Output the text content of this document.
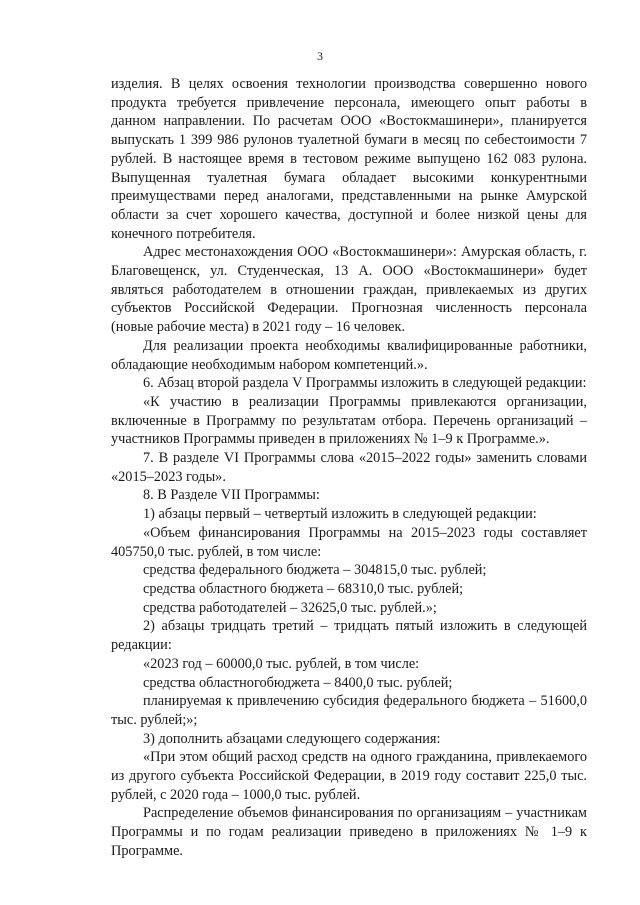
3

изделия. В целях освоения технологии производства совершенно нового продукта требуется привлечение персонала, имеющего опыт работы в данном направлении. По расчетам ООО «Востокмашинери», планируется выпускать 1 399 986 рулонов туалетной бумаги в месяц по себестоимости 7 рублей. В настоящее время в тестовом режиме выпущено 162 083 рулона. Выпущенная туалетная бумага обладает высокими конкурентными преимуществами перед аналогами, представленными на рынке Амурской области за счет хорошего качества, доступной и более низкой цены для конечного потребителя.

Адрес местонахождения ООО «Востокмашинери»: Амурская область, г. Благовещенск, ул. Студенческая, 13 А. ООО «Востокмашинери» будет являться работодателем в отношении граждан, привлекаемых из других субъектов Российской Федерации. Прогнозная численность персонала (новые рабочие места) в 2021 году – 16 человек.

Для реализации проекта необходимы квалифицированные работники, обладающие необходимым набором компетенций.».

6. Абзац второй раздела V Программы изложить в следующей редакции:

«К участию в реализации Программы привлекаются организации, включенные в Программу по результатам отбора. Перечень организаций – участников Программы приведен в приложениях № 1–9 к Программе.».

7. В разделе VI Программы слова «2015–2022 годы» заменить словами «2015–2023 годы».

8. В Разделе VII Программы:

1) абзацы первый – четвертый изложить в следующей редакции:

«Объем финансирования Программы на 2015–2023 годы составляет 405750,0 тыс. рублей, в том числе:

средства федерального бюджета – 304815,0 тыс. рублей;

средства областного бюджета – 68310,0 тыс. рублей;

средства работодателей – 32625,0 тыс. рублей.»;

2) абзацы тридцать третий – тридцать пятый изложить в следующей редакции:

«2023 год – 60000,0 тыс. рублей, в том числе:

средства областногобюджета – 8400,0 тыс. рублей;

планируемая к привлечению субсидия федерального бюджета – 51600,0 тыс. рублей;»;

3) дополнить абзацами следующего содержания:

«При этом общий расход средств на одного гражданина, привлекаемого из другого субъекта Российской Федерации, в 2019 году составит 225,0 тыс. рублей, с 2020 года – 1000,0 тыс. рублей.

Распределение объемов финансирования по организациям – участникам Программы и по годам реализации приведено в приложениях № 1–9 к Программе.
